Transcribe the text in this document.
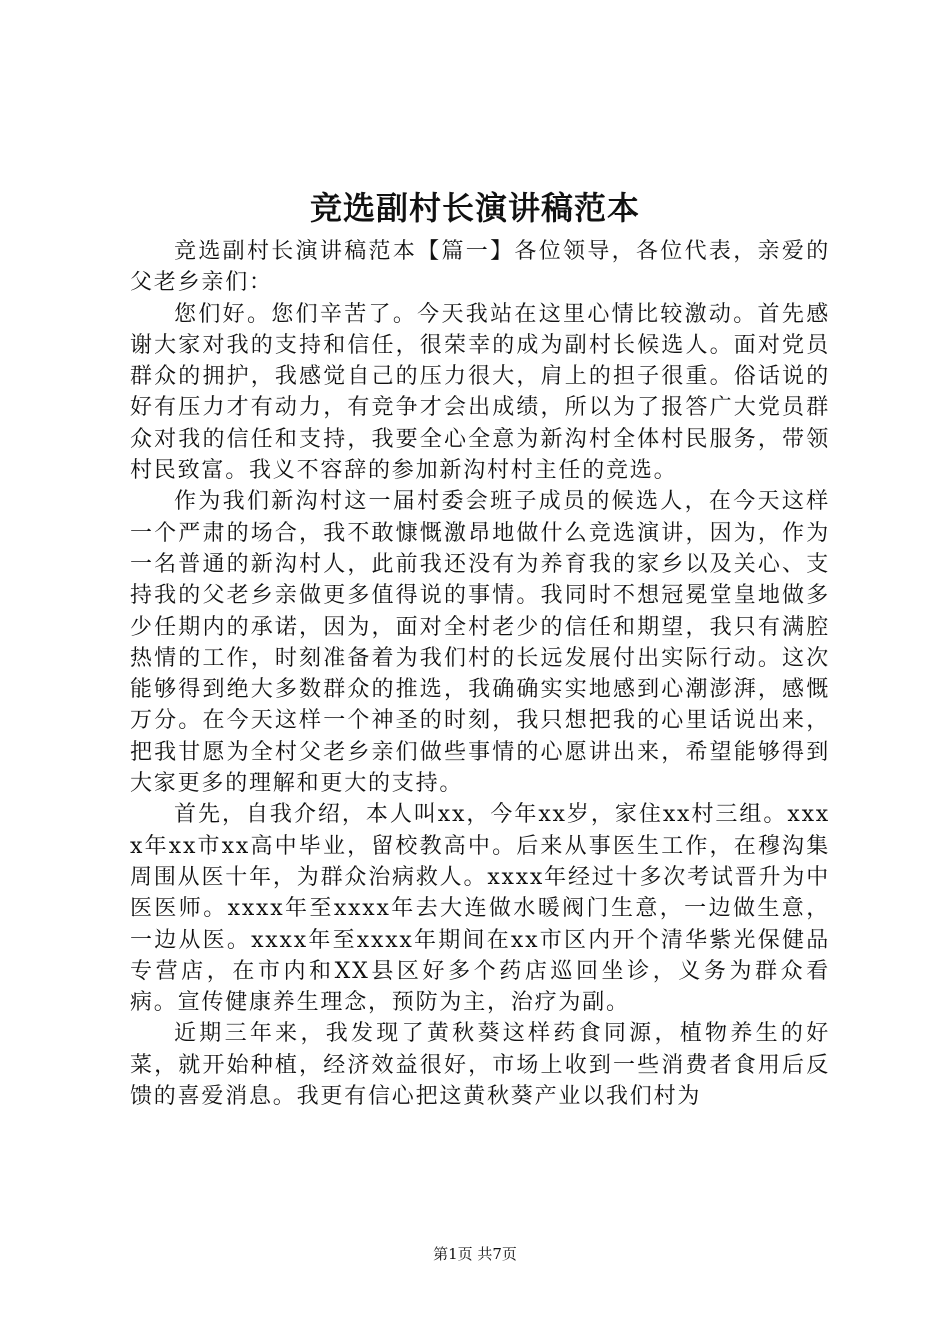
竞选副村长演讲稿范本

竞选副村长演讲稿范本【篇一】各位领导，各位代表，亲爱的父老乡亲们：

您们好。您们辛苦了。今天我站在这里心情比较激动。首先感谢大家对我的支持和信任，很荣幸的成为副村长候选人。面对党员群众的拥护，我感觉自己的压力很大，肩上的担子很重。俗话说的好有压力才有动力，有竞争才会出成绩，所以为了报答广大党员群众对我的信任和支持，我要全心全意为新沟村全体村民服务，带领村民致富。我义不容辞的参加新沟村村主任的竞选。

作为我们新沟村这一届村委会班子成员的候选人，在今天这样一个严肃的场合，我不敢慷慨激昂地做什么竞选演讲，因为，作为一名普通的新沟村人，此前我还没有为养育我的家乡以及关心、支持我的父老乡亲做更多值得说的事情。我同时不想冠冕堂皇地做多少任期内的承诺，因为，面对全村老少的信任和期望，我只有满腔热情的工作，时刻准备着为我们村的长远发展付出实际行动。这次能够得到绝大多数群众的推选，我确确实实地感到心潮澎湃，感慨万分。在今天这样一个神圣的时刻，我只想把我的心里话说出来，把我甘愿为全村父老乡亲们做些事情的心愿讲出来，希望能够得到大家更多的理解和更大的支持。

首先，自我介绍，本人叫xx，今年xx岁，家住xx村三组。xxxx年xx市xx高中毕业，留校教高中。后来从事医生工作，在穆沟集周围从医十年，为群众治病救人。xxxx年经过十多次考试晋升为中医医师。xxxx年至xxxx年去大连做水暖阀门生意，一边做生意，一边从医。xxxx年至xxxx年期间在xx市区内开个清华紫光保健品专营店，在市内和XX县区好多个药店巡回坐诊，义务为群众看病。宣传健康养生理念，预防为主，治疗为副。

近期三年来，我发现了黄秋葵这样药食同源，植物养生的好菜，就开始种植，经济效益很好，市场上收到一些消费者食用后反馈的喜爱消息。我更有信心把这黄秋葵产业以我们村为

第1页 共7页
